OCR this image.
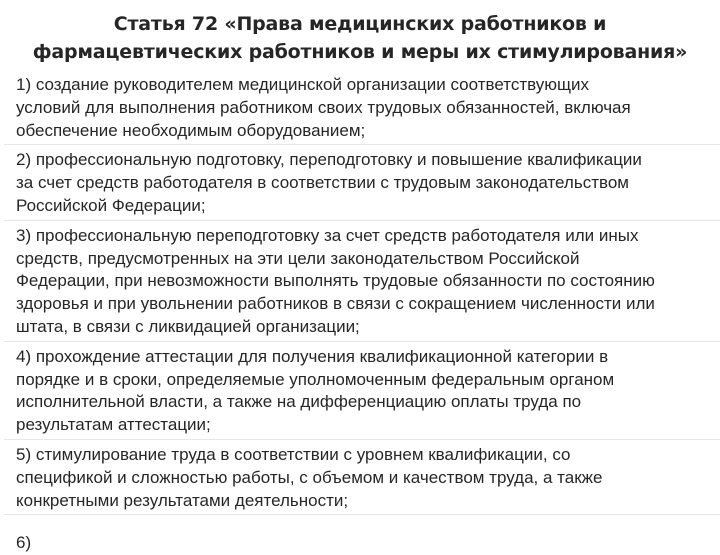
Статья 72 «Права медицинских работников и
фармацевтических работников и меры их стимулирования»
1) создание руководителем медицинской организации соответствующих
условий для выполнения работником своих трудовых обязанностей, включая
обеспечение необходимым оборудованием;
2) профессиональную подготовку, переподготовку и повышение квалификации
за счет средств работодателя в соответствии с трудовым законодательством
Российской Федерации;
3) профессиональную переподготовку за счет средств работодателя или иных
средств, предусмотренных на эти цели законодательством Российской
Федерации, при невозможности выполнять трудовые обязанности по состоянию
здоровья и при увольнении работников в связи с сокращением численности или
штата, в связи с ликвидацией организации;
4) прохождение аттестации для получения квалификационной категории в
порядке и в сроки, определяемые уполномоченным федеральным органом
исполнительной власти, а также на дифференциацию оплаты труда по
результатам аттестации;
5) стимулирование труда в соответствии с уровнем квалификации, со
спецификой и сложностью работы, с объемом и качеством труда, а также
конкретными результатами деятельности;
6)
